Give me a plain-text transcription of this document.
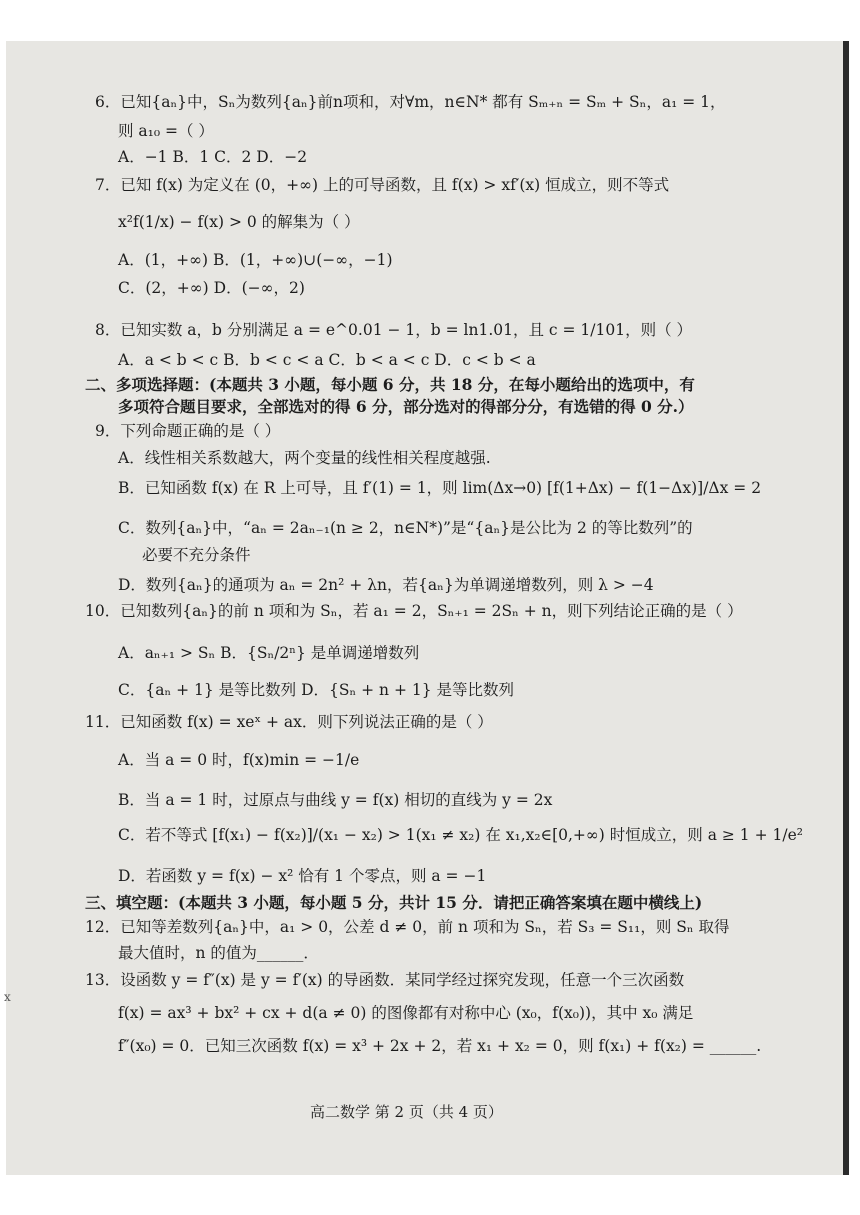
6．已知{aₙ}中，Sₙ为数列{aₙ}前n项和，对∀m，n∈N* 都有 Sₘ₊ₙ = Sₘ + Sₙ，a₁ = 1，
则 a₁₀ =（ ）
A．−1 B．1 C．2 D．−2
7．已知 f(x) 为定义在 (0，+∞) 上的可导函数，且 f(x) > xf′(x) 恒成立，则不等式
x²f(1/x) − f(x) > 0 的解集为（ ）
A．(1，+∞) B．(1，+∞)∪(−∞，−1)
C．(2，+∞) D．(−∞，2)
8．已知实数 a，b 分别满足 a = e^0.01 − 1，b = ln1.01，且 c = 1/101，则（ ）
A．a < b < c B．b < c < a C．b < a < c D．c < b < a
二、多项选择题：(本题共 3 小题，每小题 6 分，共 18 分，在每小题给出的选项中，有
多项符合题目要求，全部选对的得 6 分，部分选对的得部分分，有选错的得 0 分.）
9．下列命题正确的是（ ）
A．线性相关系数越大，两个变量的线性相关程度越强.
B．已知函数 f(x) 在 R 上可导，且 f′(1) = 1，则 lim(Δx→0) [f(1+Δx) − f(1−Δx)]/Δx = 2
C．数列{aₙ}中，“aₙ = 2aₙ₋₁(n ≥ 2，n∈N*)”是“{aₙ}是公比为 2 的等比数列”的
必要不充分条件
D．数列{aₙ}的通项为 aₙ = 2n² + λn，若{aₙ}为单调递增数列，则 λ > −4
10．已知数列{aₙ}的前 n 项和为 Sₙ，若 a₁ = 2，Sₙ₊₁ = 2Sₙ + n，则下列结论正确的是（ ）
A．aₙ₊₁ > Sₙ B．{Sₙ/2ⁿ} 是单调递增数列
C．{aₙ + 1} 是等比数列 D．{Sₙ + n + 1} 是等比数列
11．已知函数 f(x) = xeˣ + ax．则下列说法正确的是（ ）
A．当 a = 0 时，f(x)min = −1/e
B．当 a = 1 时，过原点与曲线 y = f(x) 相切的直线为 y = 2x
C．若不等式 [f(x₁) − f(x₂)]/(x₁ − x₂) > 1(x₁ ≠ x₂) 在 x₁,x₂∈[0,+∞) 时恒成立，则 a ≥ 1 + 1/e²
D．若函数 y = f(x) − x² 恰有 1 个零点，则 a = −1
三、填空题：(本题共 3 小题，每小题 5 分，共计 15 分．请把正确答案填在题中横线上)
12．已知等差数列{aₙ}中，a₁ > 0，公差 d ≠ 0，前 n 项和为 Sₙ，若 S₃ = S₁₁，则 Sₙ 取得
最大值时，n 的值为______．
13．设函数 y = f″(x) 是 y = f′(x) 的导函数．某同学经过探究发现，任意一个三次函数
f(x) = ax³ + bx² + cx + d(a ≠ 0) 的图像都有对称中心 (x₀，f(x₀))，其中 x₀ 满足
f″(x₀) = 0．已知三次函数 f(x) = x³ + 2x + 2，若 x₁ + x₂ = 0，则 f(x₁) + f(x₂) = ______.
高二数学 第 2 页（共 4 页）
x
